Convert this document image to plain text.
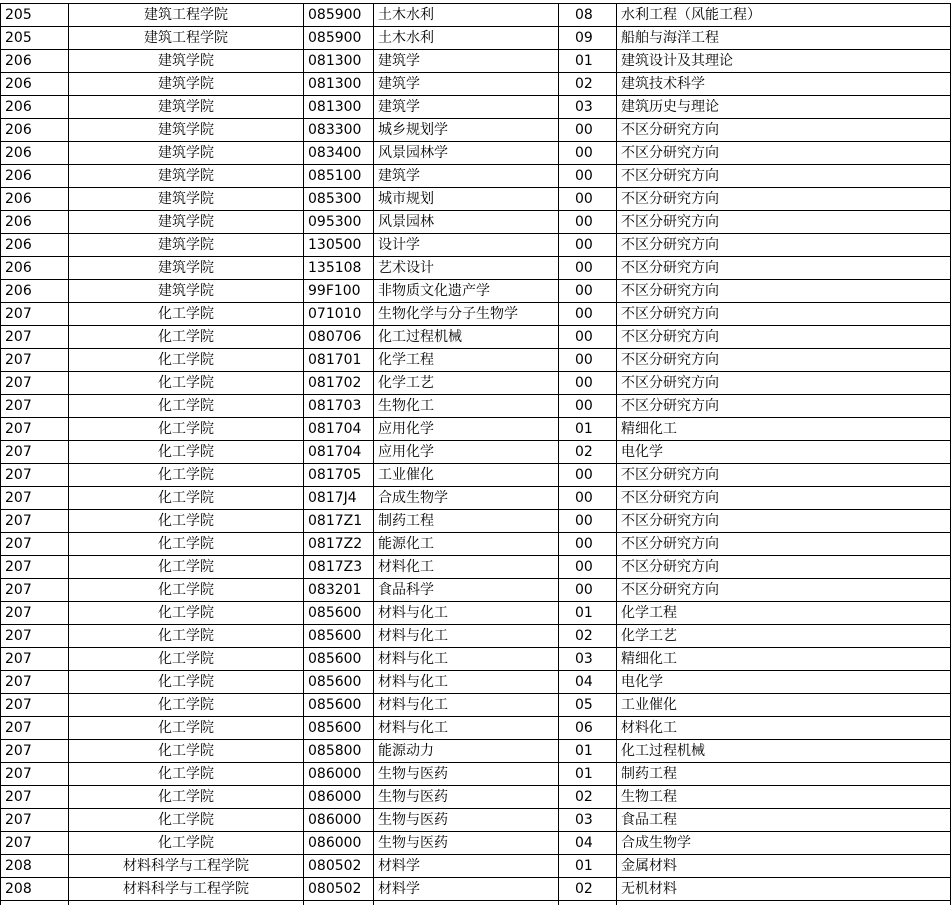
205	建筑工程学院	085900	土木水利	08	水利工程（风能工程）
205	建筑工程学院	085900	土木水利	09	船舶与海洋工程
206	建筑学院	081300	建筑学	01	建筑设计及其理论
206	建筑学院	081300	建筑学	02	建筑技术科学
206	建筑学院	081300	建筑学	03	建筑历史与理论
206	建筑学院	083300	城乡规划学	00	不区分研究方向
206	建筑学院	083400	风景园林学	00	不区分研究方向
206	建筑学院	085100	建筑学	00	不区分研究方向
206	建筑学院	085300	城市规划	00	不区分研究方向
206	建筑学院	095300	风景园林	00	不区分研究方向
206	建筑学院	130500	设计学	00	不区分研究方向
206	建筑学院	135108	艺术设计	00	不区分研究方向
206	建筑学院	99F100	非物质文化遗产学	00	不区分研究方向
207	化工学院	071010	生物化学与分子生物学	00	不区分研究方向
207	化工学院	080706	化工过程机械	00	不区分研究方向
207	化工学院	081701	化学工程	00	不区分研究方向
207	化工学院	081702	化学工艺	00	不区分研究方向
207	化工学院	081703	生物化工	00	不区分研究方向
207	化工学院	081704	应用化学	01	精细化工
207	化工学院	081704	应用化学	02	电化学
207	化工学院	081705	工业催化	00	不区分研究方向
207	化工学院	0817J4	合成生物学	00	不区分研究方向
207	化工学院	0817Z1	制药工程	00	不区分研究方向
207	化工学院	0817Z2	能源化工	00	不区分研究方向
207	化工学院	0817Z3	材料化工	00	不区分研究方向
207	化工学院	083201	食品科学	00	不区分研究方向
207	化工学院	085600	材料与化工	01	化学工程
207	化工学院	085600	材料与化工	02	化学工艺
207	化工学院	085600	材料与化工	03	精细化工
207	化工学院	085600	材料与化工	04	电化学
207	化工学院	085600	材料与化工	05	工业催化
207	化工学院	085600	材料与化工	06	材料化工
207	化工学院	085800	能源动力	01	化工过程机械
207	化工学院	086000	生物与医药	01	制药工程
207	化工学院	086000	生物与医药	02	生物工程
207	化工学院	086000	生物与医药	03	食品工程
207	化工学院	086000	生物与医药	04	合成生物学
208	材料科学与工程学院	080502	材料学	01	金属材料
208	材料科学与工程学院	080502	材料学	02	无机材料
